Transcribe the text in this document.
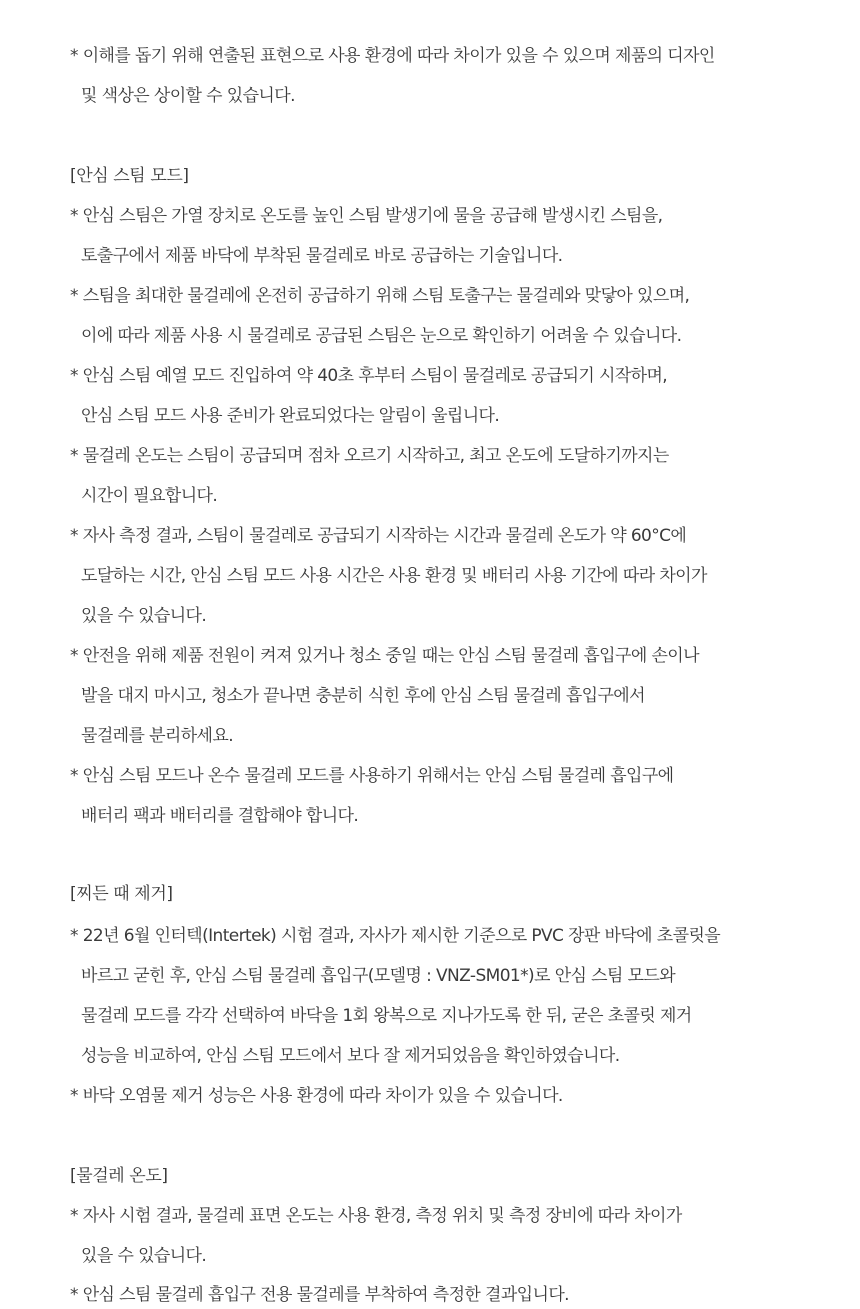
* 이해를 돕기 위해 연출된 표현으로 사용 환경에 따라 차이가 있을 수 있으며 제품의 디자인
및 색상은 상이할 수 있습니다.
[안심 스팀 모드]
* 안심 스팀은 가열 장치로 온도를 높인 스팀 발생기에 물을 공급해 발생시킨 스팀을,
토출구에서 제품 바닥에 부착된 물걸레로 바로 공급하는 기술입니다.
* 스팀을 최대한 물걸레에 온전히 공급하기 위해 스팀 토출구는 물걸레와 맞닿아 있으며,
이에 따라 제품 사용 시 물걸레로 공급된 스팀은 눈으로 확인하기 어려울 수 있습니다.
* 안심 스팀 예열 모드 진입하여 약 40초 후부터 스팀이 물걸레로 공급되기 시작하며,
안심 스팀 모드 사용 준비가 완료되었다는 알림이 울립니다.
* 물걸레 온도는 스팀이 공급되며 점차 오르기 시작하고, 최고 온도에 도달하기까지는
시간이 필요합니다.
* 자사 측정 결과, 스팀이 물걸레로 공급되기 시작하는 시간과 물걸레 온도가 약 60°C에
도달하는 시간, 안심 스팀 모드 사용 시간은 사용 환경 및 배터리 사용 기간에 따라 차이가
있을 수 있습니다.
* 안전을 위해 제품 전원이 켜져 있거나 청소 중일 때는 안심 스팀 물걸레 흡입구에 손이나
발을 대지 마시고, 청소가 끝나면 충분히 식힌 후에 안심 스팀 물걸레 흡입구에서
물걸레를 분리하세요.
* 안심 스팀 모드나 온수 물걸레 모드를 사용하기 위해서는 안심 스팀 물걸레 흡입구에
배터리 팩과 배터리를 결합해야 합니다.
[찌든 때 제거]
* 22년 6월 인터텍(Intertek) 시험 결과, 자사가 제시한 기준으로 PVC 장판 바닥에 초콜릿을
바르고 굳힌 후, 안심 스팀 물걸레 흡입구(모델명 : VNZ-SM01*)로 안심 스팀 모드와
물걸레 모드를 각각 선택하여 바닥을 1회 왕복으로 지나가도록 한 뒤, 굳은 초콜릿 제거
성능을 비교하여, 안심 스팀 모드에서 보다 잘 제거되었음을 확인하였습니다.
* 바닥 오염물 제거 성능은 사용 환경에 따라 차이가 있을 수 있습니다.
[물걸레 온도]
* 자사 시험 결과, 물걸레 표면 온도는 사용 환경, 측정 위치 및 측정 장비에 따라 차이가
있을 수 있습니다.
* 안심 스팀 물걸레 흡입구 전용 물걸레를 부착하여 측정한 결과입니다.
